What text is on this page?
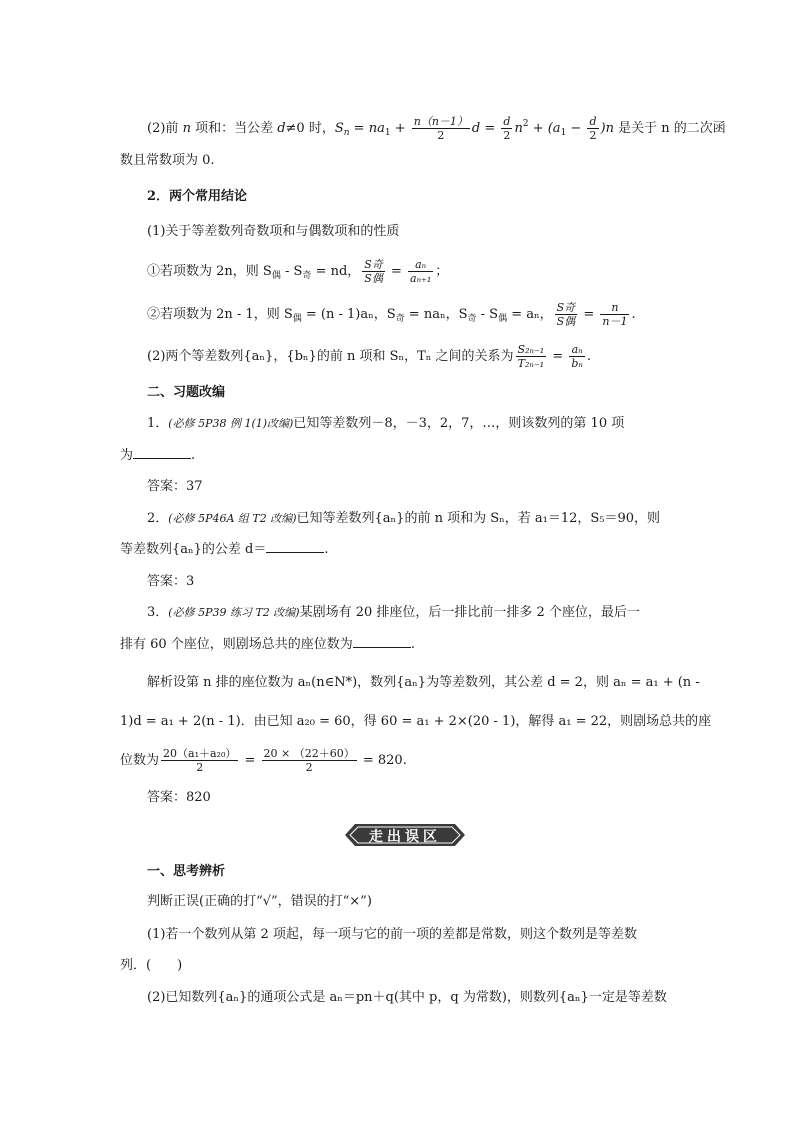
(2)前 n 项和：当公差 d≠0 时，$S_n = na_1 + \frac{n(n-1)}{2}$ $d = \frac{d}{2} n^2 + (a_1 - \frac{d}{2} )n$ 是关于 n 的二次函
数且常数项为 0.
2．两个常用结论
(1)关于等差数列奇数项和与偶数项和的性质
①若项数为 2n，则 $S_偶 - S_奇$ = nd， $\frac{\text{S奇}}{\text{S偶}} = \frac{\text{aₙ}}{\text{aₙ₊₁}}$ ；
②若项数为 2n - 1，则 $S_偶 = (n - 1)a_n$，$S_奇 = na_n$，$S_奇 - S_偶 = a_n$， $\frac{\text{S奇}}{\text{S偶}} = \frac{n}{n-1}$ .
(2)两个等差数列{aₙ}，{bₙ}的前 n 项和 Sₙ，Tₙ 之间的关系为 $\frac{\text{S₂ₙ₋₁}}{\text{T₂ₙ₋₁}} = \frac{\text{aₙ}}{\text{bₙ}}$ .
二、习题改编
1．(必修 5P38 例 1(1)改编)已知等差数列－8，－3，2，7，…，则该数列的第 10 项
为	.
答案：37
2．(必修 5P46A 组 T2 改编)已知等差数列{aₙ}的前 n 项和为 Sₙ，若 a₁＝12，S₅＝90，则
等差数列{aₙ}的公差 d＝	.
答案：3
3．(必修 5P39 练习 T2 改编)某剧场有 20 排座位，后一排比前一排多 2 个座位，最后一
排有 60 个座位，则剧场总共的座位数为	.
解析设第 n 排的座位数为 aₙ(n∈N*)，数列{aₙ}为等差数列，其公差 d = 2，则 aₙ = a₁ + (n -
1)d = a₁ + 2(n - 1)．由已知 a₂₀ = 60，得 60 = a₁ + 2×(20 - 1)，解得 a₁ = 22，则剧场总共的座
位数为 $\frac{\text{20（a₁＋a₂₀）}}{2} = \frac{20 \times (22+60)}{2} = 820$.
答案：820
走出误区
一、思考辨析
判断正误(正确的打“√”，错误的打“×”)
(1)若一个数列从第 2 项起，每一项与它的前一项的差都是常数，则这个数列是等差数
列．(　　)
(2)已知数列{aₙ}的通项公式是 aₙ＝pn＋q(其中 p，q 为常数)，则数列{aₙ}一定是等差数
